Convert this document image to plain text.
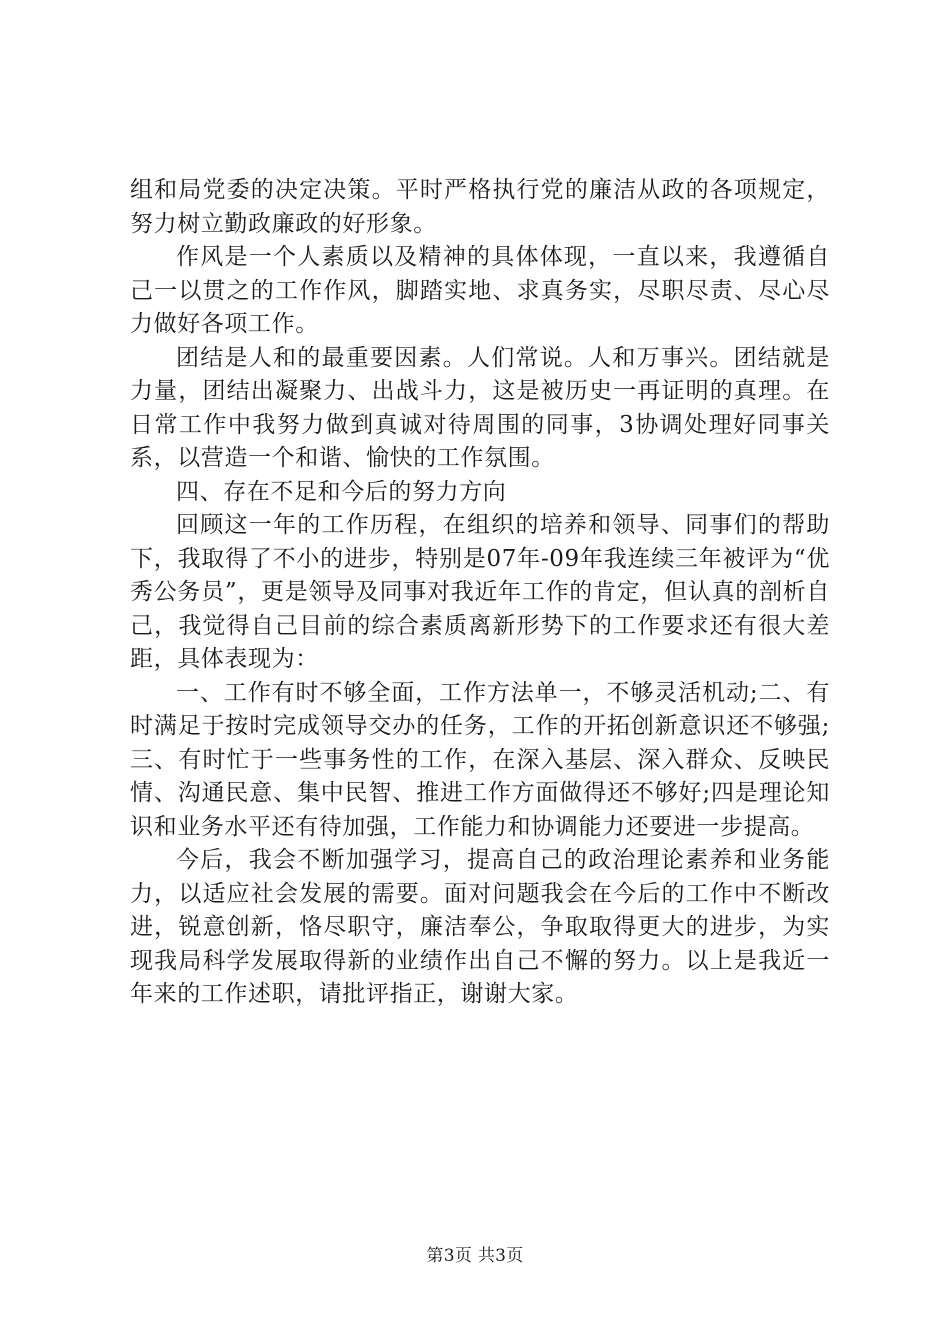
组和局党委的决定决策。平时严格执行党的廉洁从政的各项规定，努力树立勤政廉政的好形象。

作风是一个人素质以及精神的具体体现，一直以来，我遵循自己一以贯之的工作作风，脚踏实地、求真务实，尽职尽责、尽心尽力做好各项工作。

团结是人和的最重要因素。人们常说。人和万事兴。团结就是力量，团结出凝聚力、出战斗力，这是被历史一再证明的真理。在日常工作中我努力做到真诚对待周围的同事，3协调处理好同事关系，以营造一个和谐、愉快的工作氛围。

四、存在不足和今后的努力方向

回顾这一年的工作历程，在组织的培养和领导、同事们的帮助下，我取得了不小的进步，特别是07年-09年我连续三年被评为“优秀公务员”，更是领导及同事对我近年工作的肯定，但认真的剖析自己，我觉得自己目前的综合素质离新形势下的工作要求还有很大差距，具体表现为：

一、工作有时不够全面，工作方法单一，不够灵活机动;二、有时满足于按时完成领导交办的任务，工作的开拓创新意识还不够强;三、有时忙于一些事务性的工作，在深入基层、深入群众、反映民情、沟通民意、集中民智、推进工作方面做得还不够好;四是理论知识和业务水平还有待加强，工作能力和协调能力还要进一步提高。

今后，我会不断加强学习，提高自己的政治理论素养和业务能力，以适应社会发展的需要。面对问题我会在今后的工作中不断改进，锐意创新，恪尽职守，廉洁奉公，争取取得更大的进步，为实现我局科学发展取得新的业绩作出自己不懈的努力。以上是我近一年来的工作述职，请批评指正，谢谢大家。

第3页 共3页
